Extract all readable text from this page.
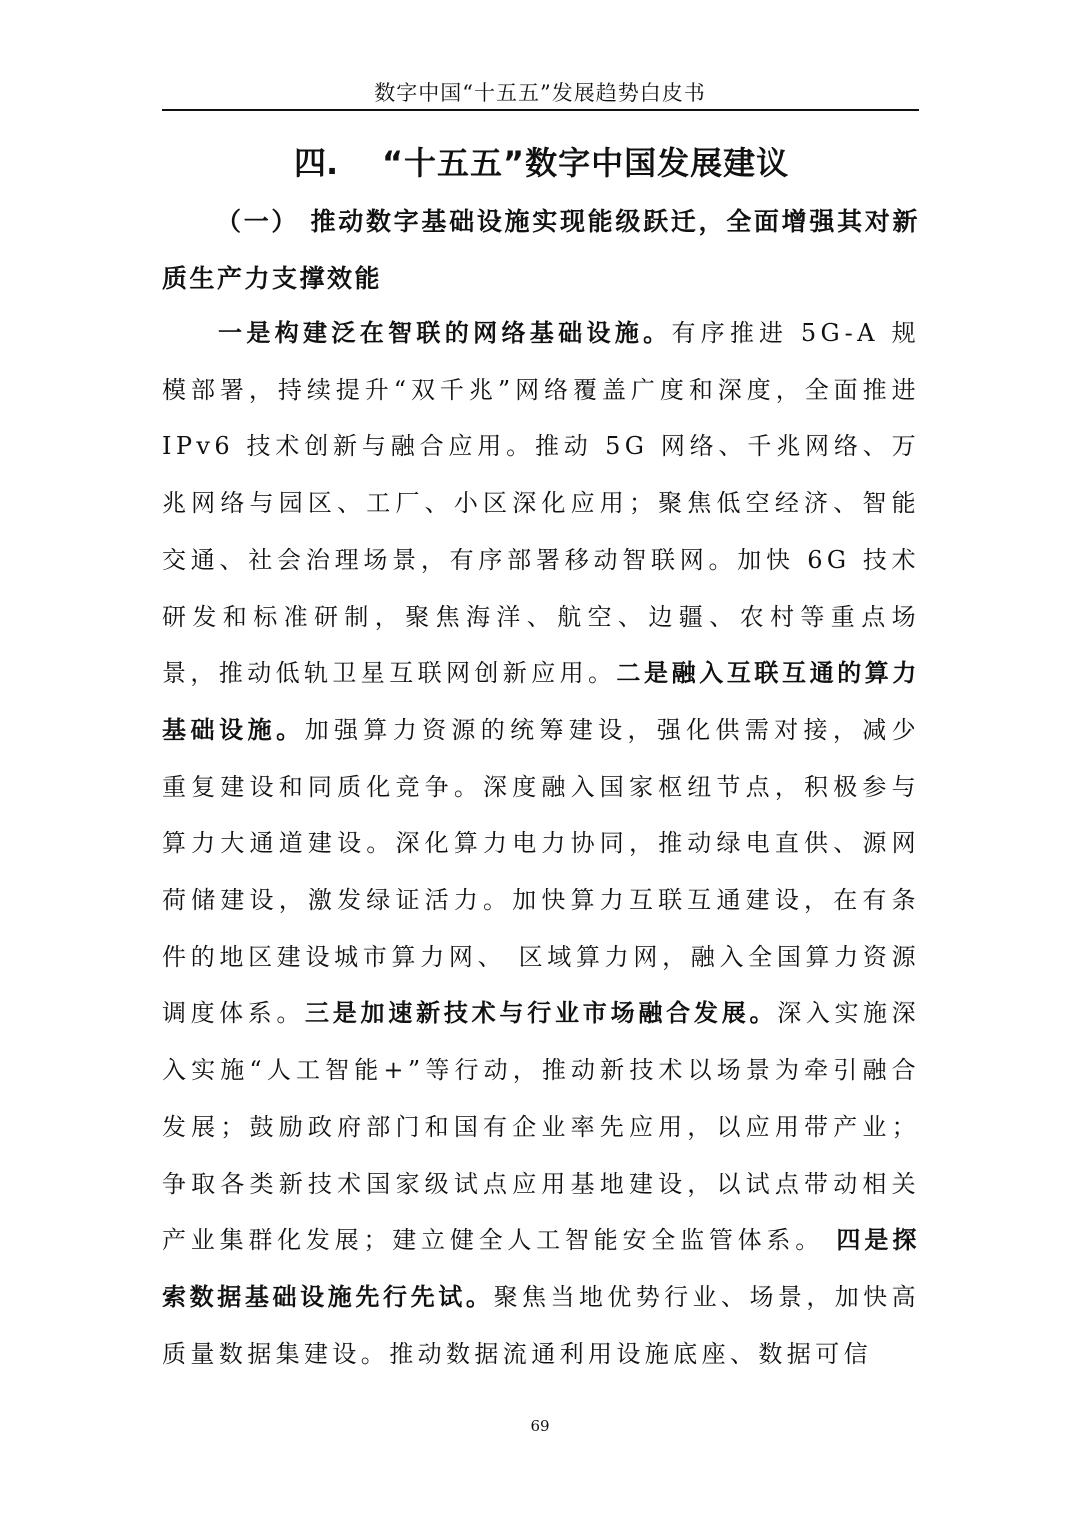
数字中国“十五五”发展趋势白皮书
四. “十五五”数字中国发展建议
（一） 推动数字基础设施实现能级跃迁，全面增强其对新质生产力支撑效能

一是构建泛在智联的网络基础设施。有序推进 5G-A 规模部署，持续提升“双千兆”网络覆盖广度和深度，全面推进 IPv6 技术创新与融合应用。推动 5G 网络、千兆网络、万兆网络与园区、工厂、小区深化应用；聚焦低空经济、智能交通、社会治理场景，有序部署移动智联网。加快 6G 技术研发和标准研制，聚焦海洋、航空、边疆、农村等重点场景，推动低轨卫星互联网创新应用。二是融入互联互通的算力基础设施。加强算力资源的统筹建设，强化供需对接，减少重复建设和同质化竞争。深度融入国家枢纽节点，积极参与算力大通道建设。深化算力电力协同，推动绿电直供、源网荷储建设，激发绿证活力。加快算力互联互通建设，在有条件的地区建设城市算力网、 区域算力网，融入全国算力资源调度体系。三是加速新技术与行业市场融合发展。深入实施深入实施“人工智能+”等行动，推动新技术以场景为牵引融合发展；鼓励政府部门和国有企业率先应用，以应用带产业；争取各类新技术国家级试点应用基地建设，以试点带动相关产业集群化发展；建立健全人工智能安全监管体系。 四是探索数据基础设施先行先试。聚焦当地优势行业、场景，加快高质量数据集建设。推动数据流通利用设施底座、数据可信

69
